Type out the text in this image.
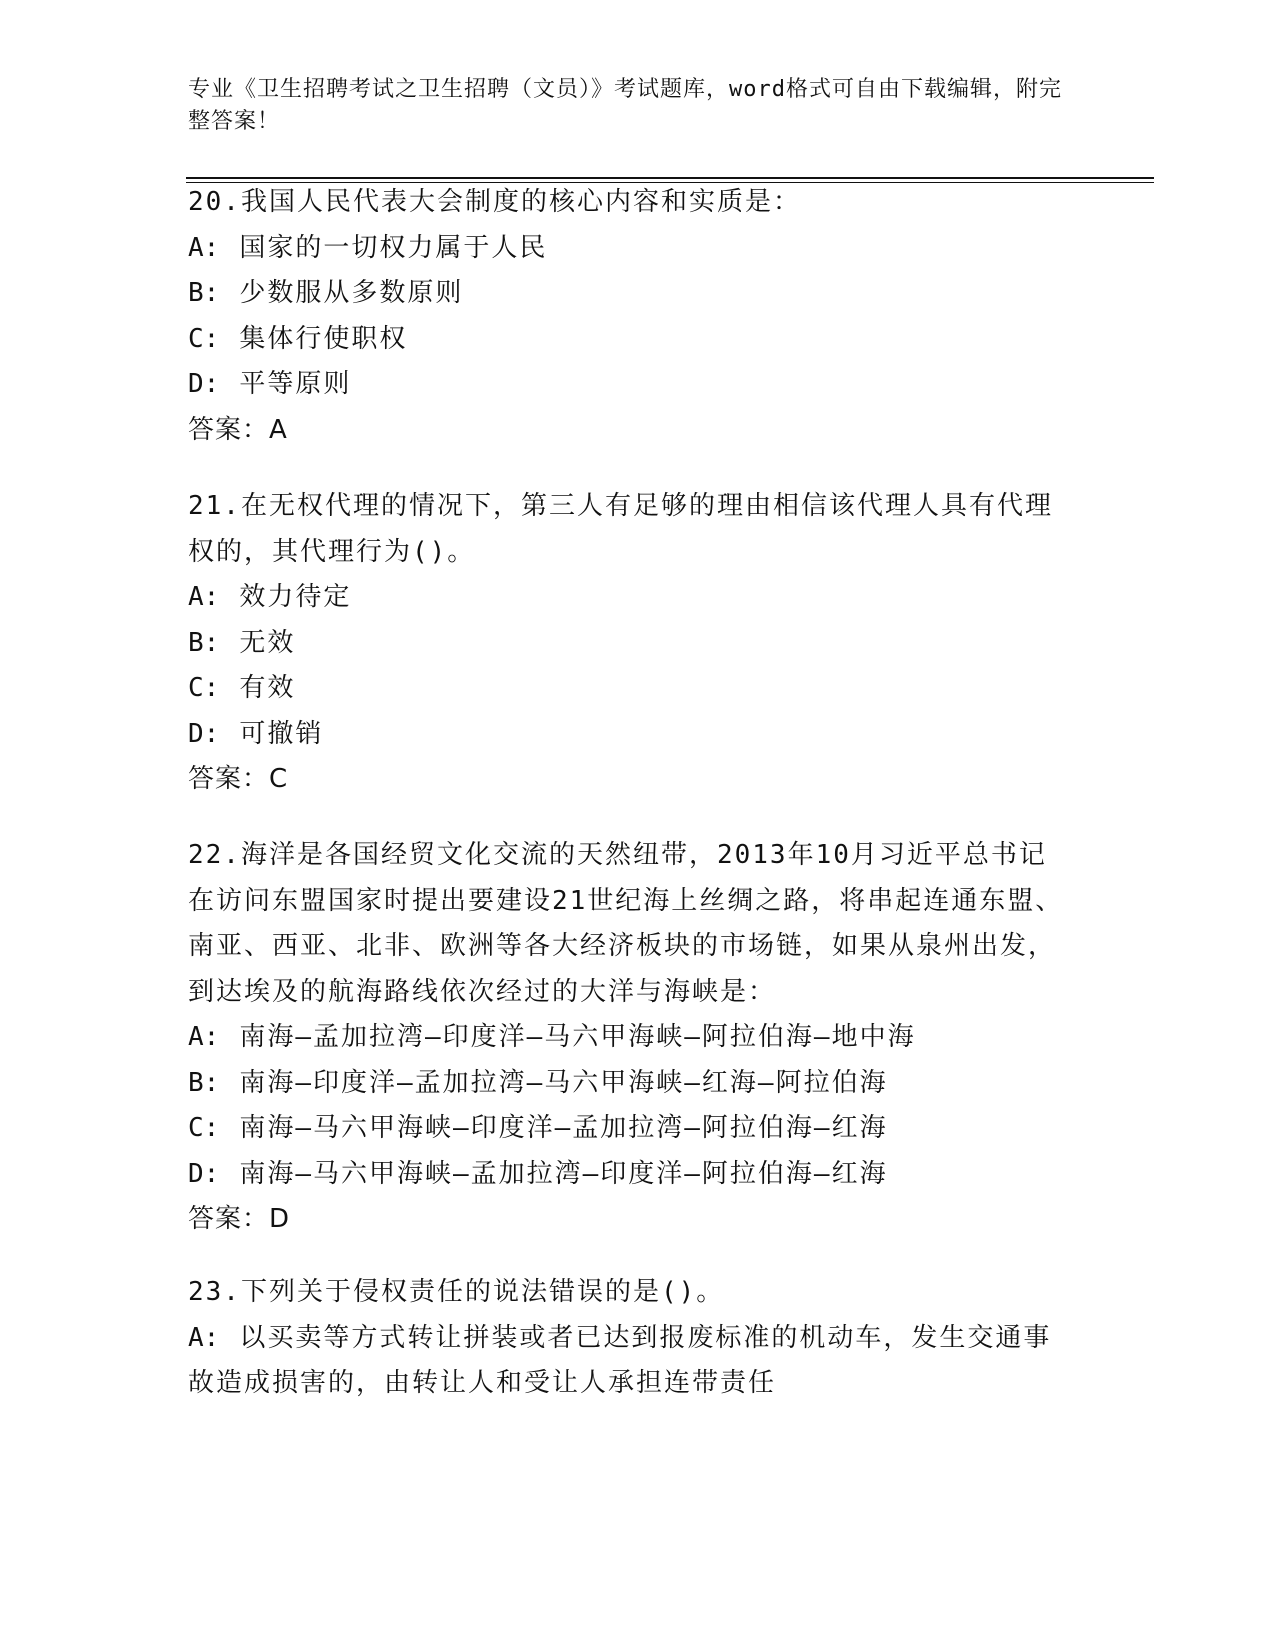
专业《卫生招聘考试之卫生招聘（文员）》考试题库，word格式可自由下载编辑，附完整答案！
20.我国人民代表大会制度的核心内容和实质是：
A: 国家的一切权力属于人民
B: 少数服从多数原则
C: 集体行使职权
D: 平等原则
答案：A
21.在无权代理的情况下，第三人有足够的理由相信该代理人具有代理权的，其代理行为()。
A: 效力待定
B: 无效
C: 有效
D: 可撤销
答案：C
22.海洋是各国经贸文化交流的天然纽带，2013年10月习近平总书记在访问东盟国家时提出要建设21世纪海上丝绸之路，将串起连通东盟、南亚、西亚、北非、欧洲等各大经济板块的市场链，如果从泉州出发，到达埃及的航海路线依次经过的大洋与海峡是：
A: 南海—孟加拉湾—印度洋—马六甲海峡—阿拉伯海—地中海
B: 南海—印度洋—孟加拉湾—马六甲海峡—红海—阿拉伯海
C: 南海—马六甲海峡—印度洋—孟加拉湾—阿拉伯海—红海
D: 南海—马六甲海峡—孟加拉湾—印度洋—阿拉伯海—红海
答案：D
23.下列关于侵权责任的说法错误的是()。
A: 以买卖等方式转让拼装或者已达到报废标准的机动车，发生交通事故造成损害的，由转让人和受让人承担连带责任
